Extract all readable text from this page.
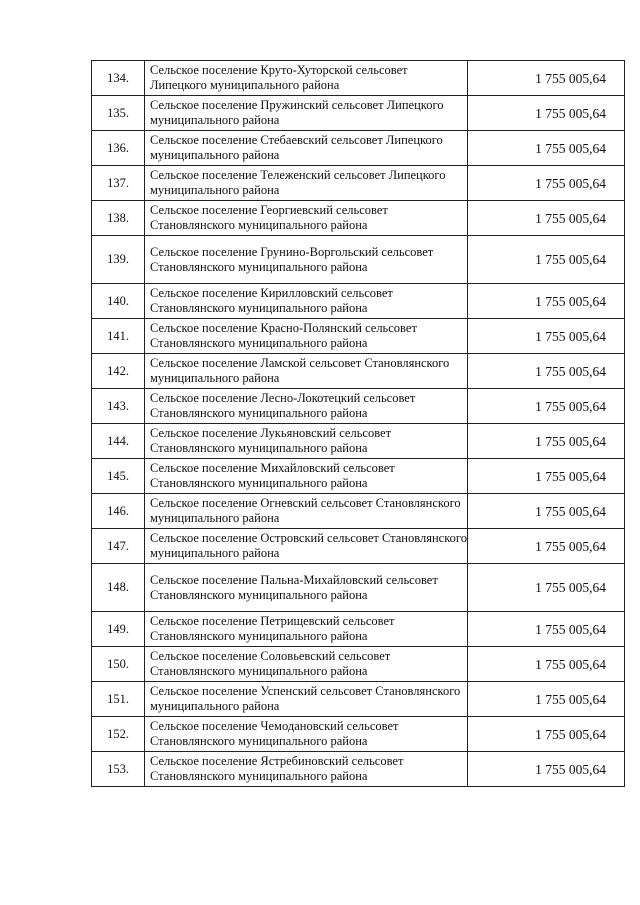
134.	Сельское поселение Круто-Хуторской сельсовет Липецкого муниципального района	1 755 005,64
135.	Сельское поселение Пружинский сельсовет Липецкого муниципального района	1 755 005,64
136.	Сельское поселение Стебаевский сельсовет Липецкого муниципального района	1 755 005,64
137.	Сельское поселение Тележенский сельсовет Липецкого муниципального района	1 755 005,64
138.	Сельское поселение Георгиевский сельсовет Становлянского муниципального района	1 755 005,64
139.	Сельское поселение Грунино-Воргольский сельсовет Становлянского муниципального района	1 755 005,64
140.	Сельское поселение Кирилловский сельсовет Становлянского муниципального района	1 755 005,64
141.	Сельское поселение Красно-Полянский сельсовет Становлянского муниципального района	1 755 005,64
142.	Сельское поселение Ламской сельсовет Становлянского муниципального района	1 755 005,64
143.	Сельское поселение Лесно-Локотецкий сельсовет Становлянского муниципального района	1 755 005,64
144.	Сельское поселение Лукьяновский сельсовет Становлянского муниципального района	1 755 005,64
145.	Сельское поселение Михайловский сельсовет Становлянского муниципального района	1 755 005,64
146.	Сельское поселение Огневский сельсовет Становлянского муниципального района	1 755 005,64
147.	Сельское поселение Островский сельсовет Становлянского муниципального района	1 755 005,64
148.	Сельское поселение Пальна-Михайловский сельсовет Становлянского муниципального района	1 755 005,64
149.	Сельское поселение Петрищевский сельсовет Становлянского муниципального района	1 755 005,64
150.	Сельское поселение Соловьевский сельсовет Становлянского муниципального района	1 755 005,64
151.	Сельское поселение Успенский сельсовет Становлянского муниципального района	1 755 005,64
152.	Сельское поселение Чемодановский сельсовет Становлянского муниципального района	1 755 005,64
153.	Сельское поселение Ястребиновский сельсовет Становлянского муниципального района	1 755 005,64
